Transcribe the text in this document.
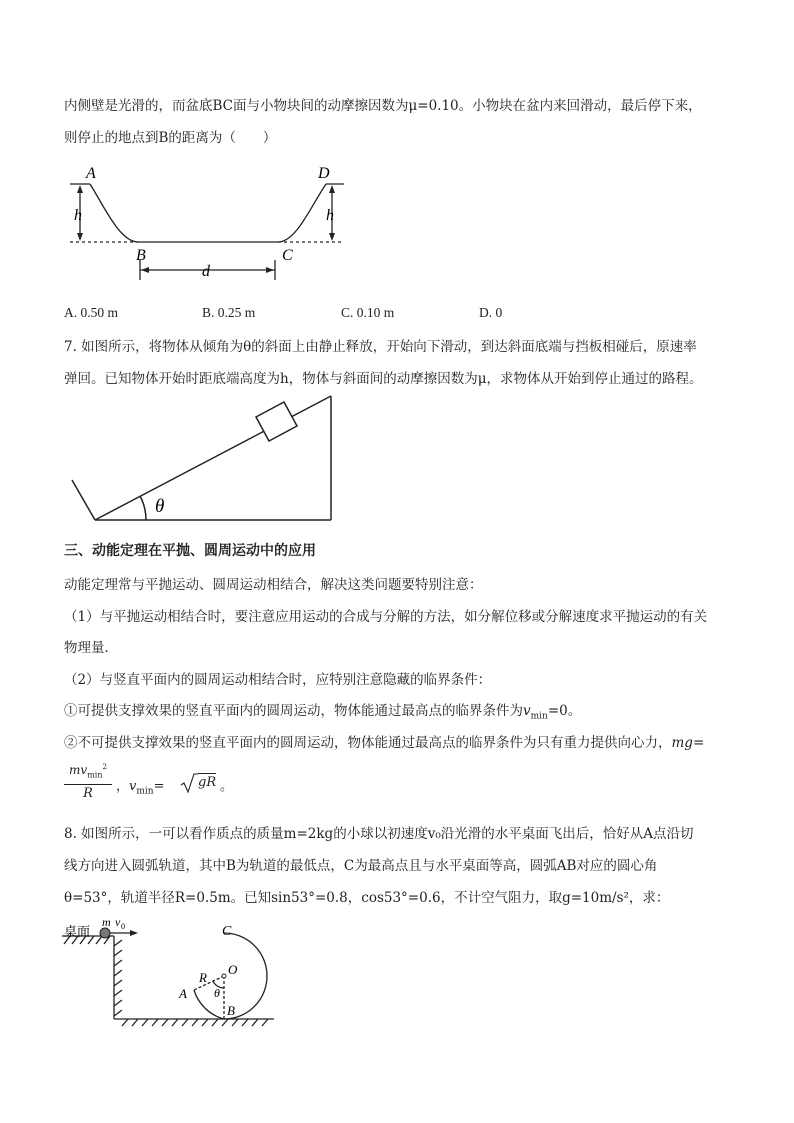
内侧壁是光滑的，而盆底BC面与小物块间的动摩擦因数为μ=0.10。小物块在盆内来回滑动，最后停下来，
则停止的地点到B的距离为（　　）
A	D
h	h
B	C
d
A. 0.50 m	B. 0.25 m	C. 0.10 m	D. 0
7. 如图所示，将物体从倾角为θ的斜面上由静止释放，开始向下滑动，到达斜面底端与挡板相碰后，原速率
弹回。已知物体开始时距底端高度为h，物体与斜面间的动摩擦因数为μ，求物体从开始到停止通过的路程。
θ
三、动能定理在平抛、圆周运动中的应用
动能定理常与平抛运动、圆周运动相结合，解决这类问题要特别注意：
（1）与平抛运动相结合时，要注意应用运动的合成与分解的方法，如分解位移或分解速度求平抛运动的有关
物理量．
（2）与竖直平面内的圆周运动相结合时，应特别注意隐藏的临界条件：
①可提供支撑效果的竖直平面内的圆周运动，物体能通过最高点的临界条件为$v_{min}=0$。
②不可提供支撑效果的竖直平面内的圆周运动，物体能通过最高点的临界条件为只有重力提供向心力，mg=
$mv_{min}^2$
R	，$v_{min}=$	gR 。
8. 如图所示，一可以看作质点的质量m=2kg的小球以初速度v₀沿光滑的水平桌面飞出后，恰好从A点沿切
线方向进入圆弧轨道，其中B为轨道的最低点，C为最高点且与水平桌面等高，圆弧AB对应的圆心角
θ=53°，轨道半径R=0.5m。已知sin53°=0.8，cos53°=0.6，不计空气阻力，取g=10m/s²，求：
桌面
m v 0	C
O
R
A θ
B
